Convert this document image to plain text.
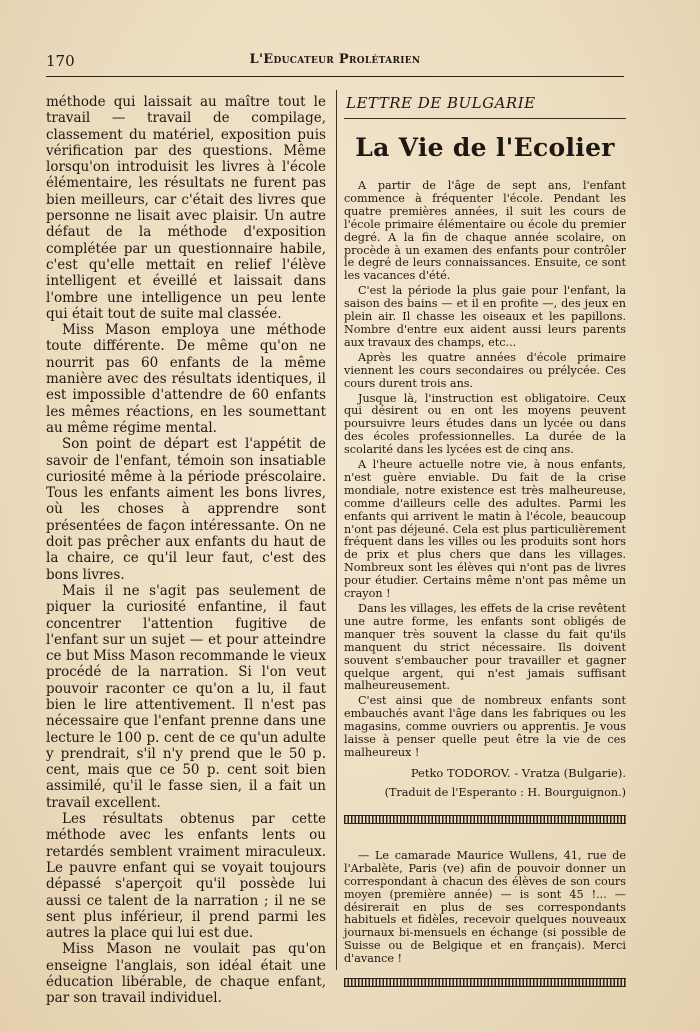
170	L'Educateur Prolétarien

méthode qui laissait au maître tout le travail — travail de compilage, classement du matériel, exposition puis vérification par des questions. Même lorsqu'on introduisit les livres à l'école élémentaire, les résultats ne furent pas bien meilleurs, car c'était des livres que personne ne lisait avec plaisir. Un autre défaut de la méthode d'exposition complétée par un questionnaire habile, c'est qu'elle mettait en relief l'élève intelligent et éveillé et laissait dans l'ombre une intelligence un peu lente qui était tout de suite mal classée.

Miss Mason employa une méthode toute différente. De même qu'on ne nourrit pas 60 enfants de la même manière avec des résultats identiques, il est impossible d'attendre de 60 enfants les mêmes réactions, en les soumettant au même régime mental.

Son point de départ est l'appétit de savoir de l'enfant, témoin son insatiable curiosité même à la période préscolaire. Tous les enfants aiment les bons livres, où les choses à apprendre sont présentées de façon intéressante. On ne doit pas prêcher aux enfants du haut de la chaire, ce qu'il leur faut, c'est des bons livres.

Mais il ne s'agit pas seulement de piquer la curiosité enfantine, il faut concentrer l'attention fugitive de l'enfant sur un sujet — et pour atteindre ce but Miss Mason recommande le vieux procédé de la narration. Si l'on veut pouvoir raconter ce qu'on a lu, il faut bien le lire attentivement. Il n'est pas nécessaire que l'enfant prenne dans une lecture le 100 p. cent de ce qu'un adulte y prendrait, s'il n'y prend que le 50 p. cent, mais que ce 50 p. cent soit bien assimilé, qu'il le fasse sien, il a fait un travail excellent.

Les résultats obtenus par cette méthode avec les enfants lents ou retardés semblent vraiment miraculeux. Le pauvre enfant qui se voyait toujours dépassé s'aperçoit qu'il possède lui aussi ce talent de la narration ; il ne se sent plus inférieur, il prend parmi les autres la place qui lui est due.

Miss Mason ne voulait pas qu'on enseigne l'anglais, son idéal était une éducation libérable, de chaque enfant, par son travail individuel.

LETTRE DE BULGARIE
La Vie de l'Ecolier

A partir de l'âge de sept ans, l'enfant commence à fréquenter l'école. Pendant les quatre premières années, il suit les cours de l'école primaire élémentaire ou école du premier degré. A la fin de chaque année scolaire, on procède à un examen des enfants pour contrôler le degré de leurs connaissances. Ensuite, ce sont les vacances d'été.

C'est la période la plus gaie pour l'enfant, la saison des bains — et il en profite —, des jeux en plein air. Il chasse les oiseaux et les papillons. Nombre d'entre eux aident aussi leurs parents aux travaux des champs, etc...

Après les quatre années d'école primaire viennent les cours secondaires ou prélycée. Ces cours durent trois ans.

Jusque là, l'instruction est obligatoire. Ceux qui désirent ou en ont les moyens peuvent poursuivre leurs études dans un lycée ou dans des écoles professionnelles. La durée de la scolarité dans les lycées est de cinq ans.

A l'heure actuelle notre vie, à nous enfants, n'est guère enviable. Du fait de la crise mondiale, notre existence est très malheureuse, comme d'ailleurs celle des adultes. Parmi les enfants qui arrivent le matin à l'école, beaucoup n'ont pas déjeuné. Cela est plus particulièrement fréquent dans les villes ou les produits sont hors de prix et plus chers que dans les villages. Nombreux sont les élèves qui n'ont pas de livres pour étudier. Certains même n'ont pas même un crayon !

Dans les villages, les effets de la crise revêtent une autre forme, les enfants sont obligés de manquer très souvent la classe du fait qu'ils manquent du strict nécessaire. Ils doivent souvent s'embaucher pour travailler et gagner quelque argent, qui n'est jamais suffisant malheureusement.

C'est ainsi que de nombreux enfants sont embauchés avant l'âge dans les fabriques ou les magasins, comme ouvriers ou apprentis. Je vous laisse à penser quelle peut être la vie de ces malheureux !

Petko TODOROV. - Vratza (Bulgarie).
(Traduit de l'Esperanto : H. Bourguignon.)

— Le camarade Maurice Wullens, 41, rue de l'Arbalète, Paris (ve) afin de pouvoir donner un correspondant à chacun des élèves de son cours moyen (première année) — is sont 45 !... — désirerait en plus de ses correspondants habituels et fidèles, recevoir quelques nouveaux journaux bi-mensuels en échange (si possible de Suisse ou de Belgique et en français). Merci d'avance !
